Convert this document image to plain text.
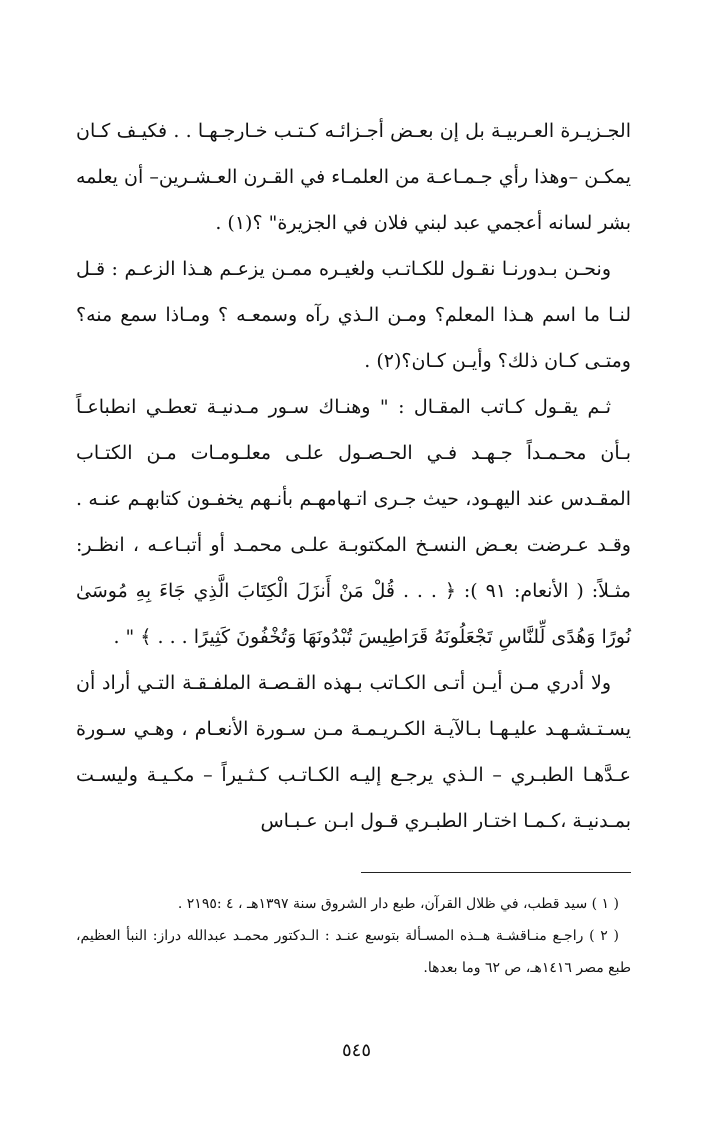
الجـزيـرة العـربيـة بل إن بعـض أجـزائـه كـتـب خـارجـهـا . . فكيـف كـان يمكـن –وهذا رأي جـمـاعـة من العلمـاء في القـرن العـشـرين– أن يعلمه بشر لسانه أعجمي عبد لبني فلان في الجزيرة" ؟(١) .

ونحـن بـدورنـا نقـول للكـاتـب ولغيـره ممـن يزعـم هـذا الزعـم : قـل لنـا ما اسم هـذا المعلم؟ ومـن الـذي رآه وسمعـه ؟ ومـاذا سمع منه؟ ومتـى كـان ذلك؟ وأيـن كـان؟(٢) .

ثـم يقـول كـاتب المقـال : " وهنـاك سـور مـدنيـة تعطـي انطباعـاً بـأن محـمـداً جـهـد فـي الحـصـول علـى معلـومـات مـن الكتـاب المقـدس عند اليهـود، حيث جـرى اتـهامهـم بأنـهم يخفـون كتابهـم عنـه . وقـد عـرضت بعـض النسـخ المكتوبـة علـى محمـد أو أتبـاعـه ، انظـر: مثـلاً: ( الأنعام: ٩١ ): ﴿ . . . قُلْ مَنْ أَنزَلَ الْكِتَابَ الَّذِي جَاءَ بِهِ مُوسَىٰ نُورًا وَهُدًى لِّلنَّاسِ تَجْعَلُونَهُ قَرَاطِيسَ تُبْدُونَهَا وَتُخْفُونَ كَثِيرًا . . . ﴾ " .

ولا أدري مـن أيـن أتـى الكـاتب بـهذه القـصـة الملفـقـة التـي أراد أن يسـتـشـهـد عليـهـا بـالآيـة الكـريـمـة مـن سـورة الأنعـام ، وهـي سـورة عـدَّهـا الطبـري – الـذي يرجـع إليـه الكـاتـب كـثـيراً – مكـيـة وليسـت بمـدنيـة ،كـمـا اختـار الطبـري قـول ابـن عـبـاس

( ١ ) سيد قطب، في ظلال القرآن، طبع دار الشروق سنة ١٣٩٧هـ ، ٤ :٢١٩٥ .

( ٢ ) راجـع منـاقشـة هــذه المسـألة بتوسع عنـد : الـدكتور محمـد عبدالله دراز: النبأ العظيم، طبع مصر ١٤١٦هـ، ص ٦٢ وما بعدها.

٥٤٥
